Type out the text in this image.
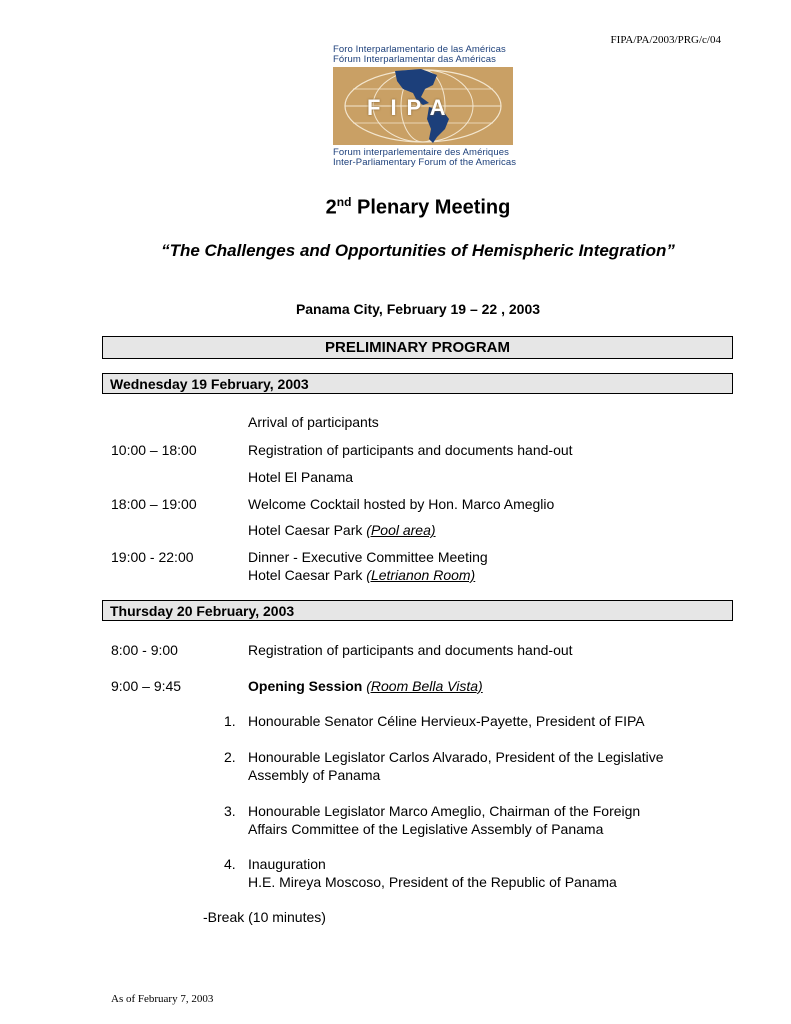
FIPA/PA/2003/PRG/c/04
Foro Interparlamentario de las Américas
Fórum Interparlamentar das Américas
FIPA
Forum interparlementaire des Amériques
Inter-Parliamentary Forum of the Americas
2nd Plenary Meeting
“The Challenges and Opportunities of Hemispheric Integration”
Panama City, February 19 – 22 , 2003
PRELIMINARY PROGRAM
Wednesday 19 February, 2003
Arrival of participants
10:00 – 18:00	Registration of participants and documents hand-out
Hotel El Panama
18:00 – 19:00	Welcome Cocktail hosted by Hon. Marco Ameglio
Hotel Caesar Park (Pool area)
19:00 - 22:00	Dinner - Executive Committee Meeting
Hotel Caesar Park (Letrianon Room)
Thursday 20 February, 2003
8:00 - 9:00	Registration of participants and documents hand-out
9:00 – 9:45	Opening Session (Room Bella Vista)
1. Honourable Senator Céline Hervieux-Payette, President of FIPA
2. Honourable Legislator Carlos Alvarado, President of the Legislative
Assembly of Panama
3. Honourable Legislator Marco Ameglio, Chairman of the Foreign
Affairs Committee of the Legislative Assembly of Panama
4. Inauguration
H.E. Mireya Moscoso, President of the Republic of Panama
-Break (10 minutes)
As of February 7, 2003
